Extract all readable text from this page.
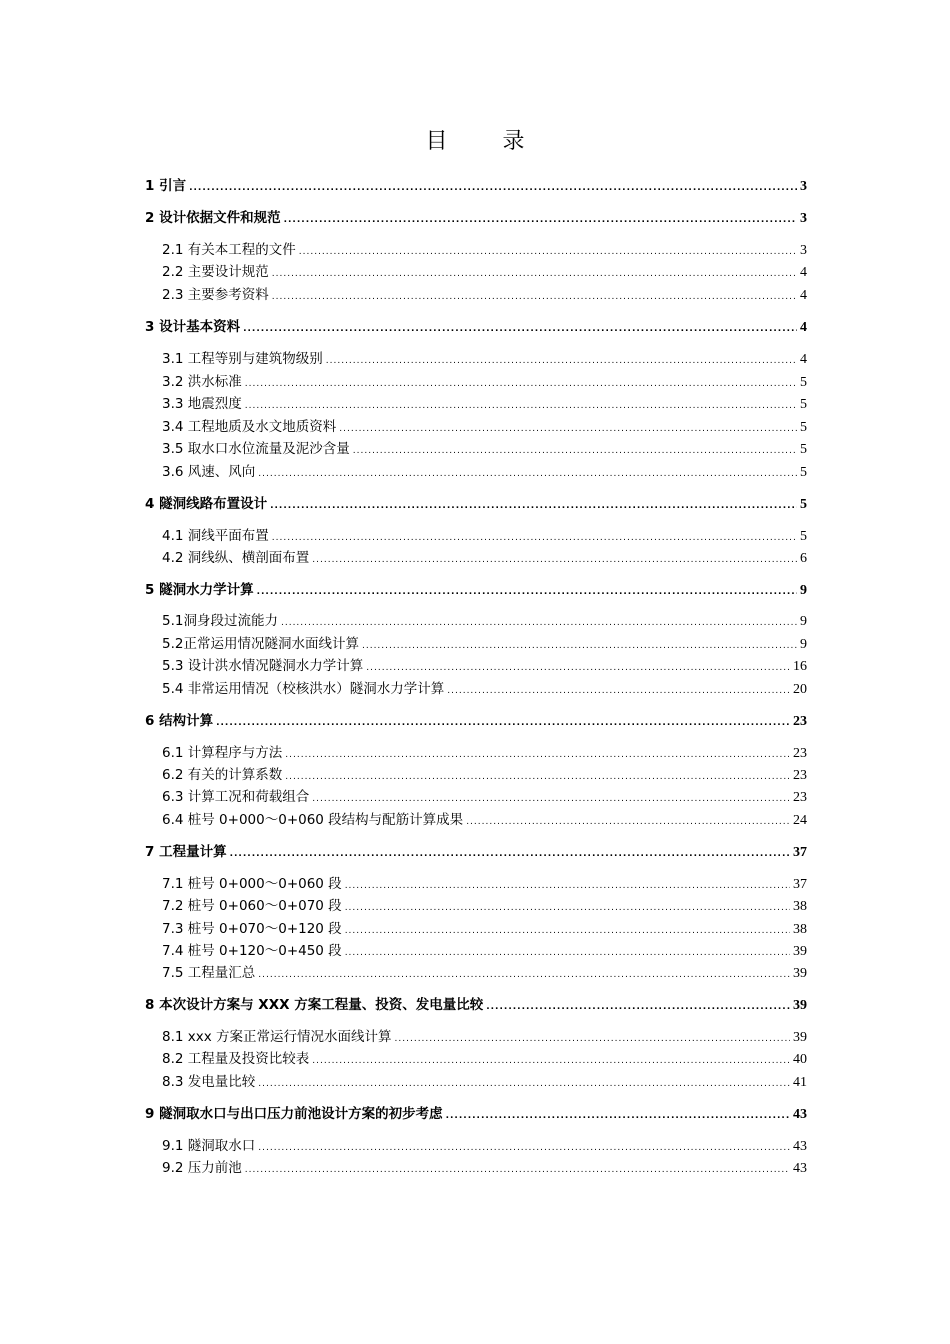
目 录
1 引言 .....	3
2 设计依据文件和规范 .....	3
2.1 有关本工程的文件 .....	3
2.2 主要设计规范 .....	4
2.3 主要参考资料 .....	4
3 设计基本资料 .....	4
3.1 工程等别与建筑物级别 .....	4
3.2 洪水标准 .....	5
3.3 地震烈度 .....	5
3.4 工程地质及水文地质资料 .....	5
3.5 取水口水位流量及泥沙含量 .....	5
3.6 风速、风向 .....	5
4 隧洞线路布置设计 .....	5
4.1 洞线平面布置 .....	5
4.2 洞线纵、横剖面布置 .....	6
5 隧洞水力学计算 .....	9
5.1 洞身段过流能力 .....	9
5.2 正常运用情况隧洞水面线计算 .....	9
5.3 设计洪水情况隧洞水力学计算 .....	16
5.4 非常运用情况（校核洪水）隧洞水力学计算 .....	20
6 结构计算 .....	23
6.1 计算程序与方法 .....	23
6.2 有关的计算系数 .....	23
6.3 计算工况和荷载组合 .....	23
6.4 桩号 0+000～0+060 段结构与配筋计算成果 .....	24
7 工程量计算 .....	37
7.1 桩号 0+000～0+060 段 .....	37
7.2 桩号 0+060～0+070 段 .....	38
7.3 桩号 0+070～0+120 段 .....	38
7.4 桩号 0+120～0+450 段 .....	39
7.5 工程量汇总 .....	39
8 本次设计方案与 XXX 方案工程量、投资、发电量比较 .....	39
8.1 xxx 方案正常运行情况水面线计算 .....	39
8.2 工程量及投资比较表 .....	40
8.3 发电量比较 .....	41
9 隧洞取水口与出口压力前池设计方案的初步考虑 .....	43
9.1 隧洞取水口 .....	43
9.2 压力前池 .....	43
